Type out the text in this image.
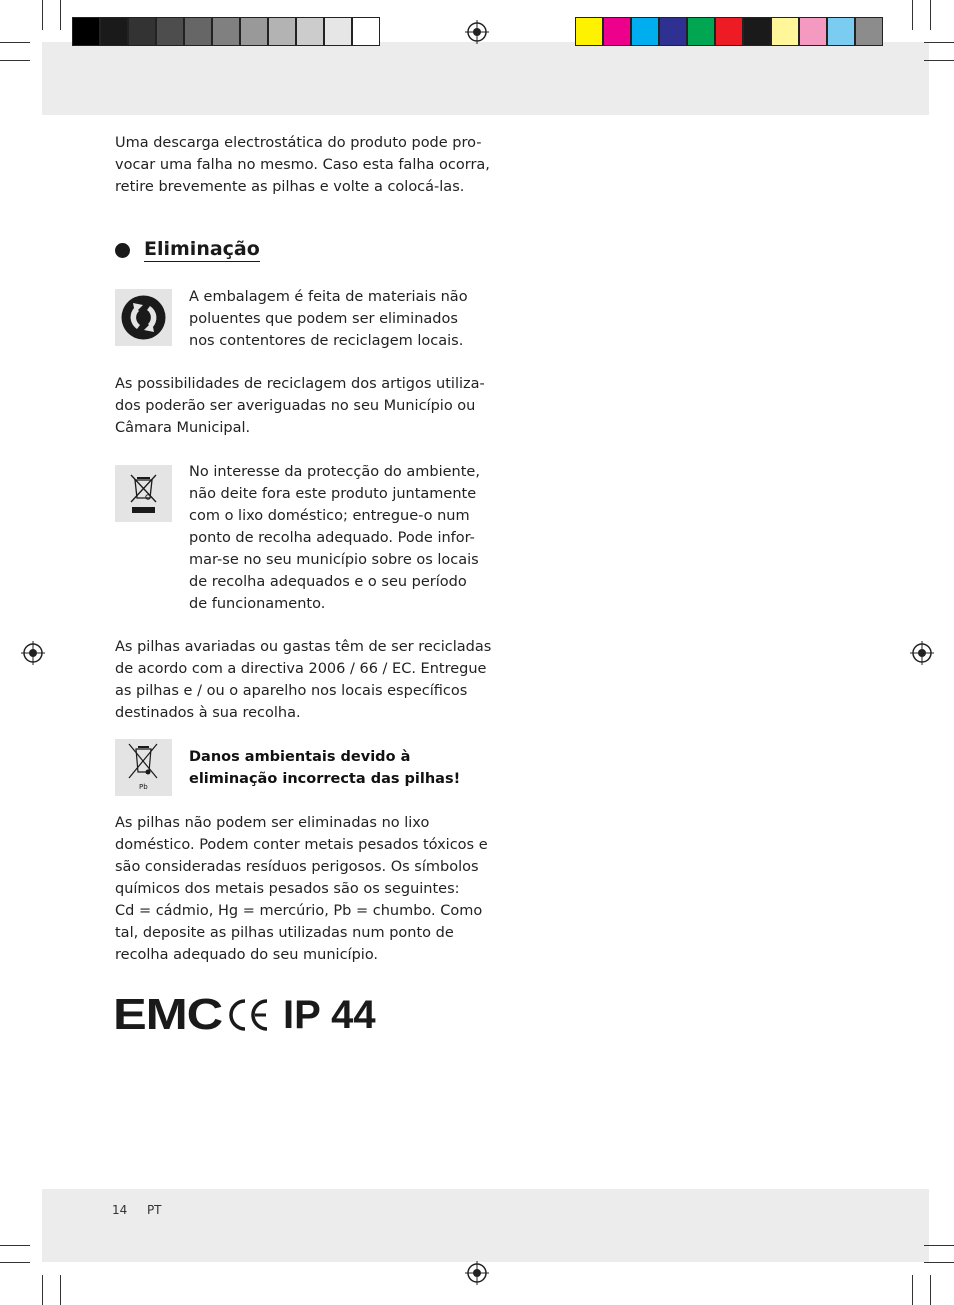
Uma descarga electrostática do produto pode pro-
vocar uma falha no mesmo. Caso esta falha ocorra,
retire brevemente as pilhas e volte a colocá-las.
Eliminação
A embalagem é feita de materiais não
poluentes que podem ser eliminados
nos contentores de reciclagem locais.
As possibilidades de reciclagem dos artigos utiliza-
dos poderão ser averiguadas no seu Município ou
Câmara Municipal.
No interesse da protecção do ambiente,
não deite fora este produto juntamente
com o lixo doméstico; entregue-o num
ponto de recolha adequado. Pode infor-
mar-se no seu município sobre os locais
de recolha adequados e o seu período
de funcionamento.
As pilhas avariadas ou gastas têm de ser recicladas
de acordo com a directiva 2006 / 66 / EC. Entregue
as pilhas e / ou o aparelho nos locais específicos
destinados à sua recolha.
Pb
Danos ambientais devido à
eliminação incorrecta das pilhas!
As pilhas não podem ser eliminadas no lixo
doméstico. Podem conter metais pesados tóxicos e
são consideradas resíduos perigosos. Os símbolos
químicos dos metais pesados são os seguintes:
Cd = cádmio, Hg = mercúrio, Pb = chumbo. Como
tal, deposite as pilhas utilizadas num ponto de
recolha adequado do seu município.
EMC IP 44
14 PT
